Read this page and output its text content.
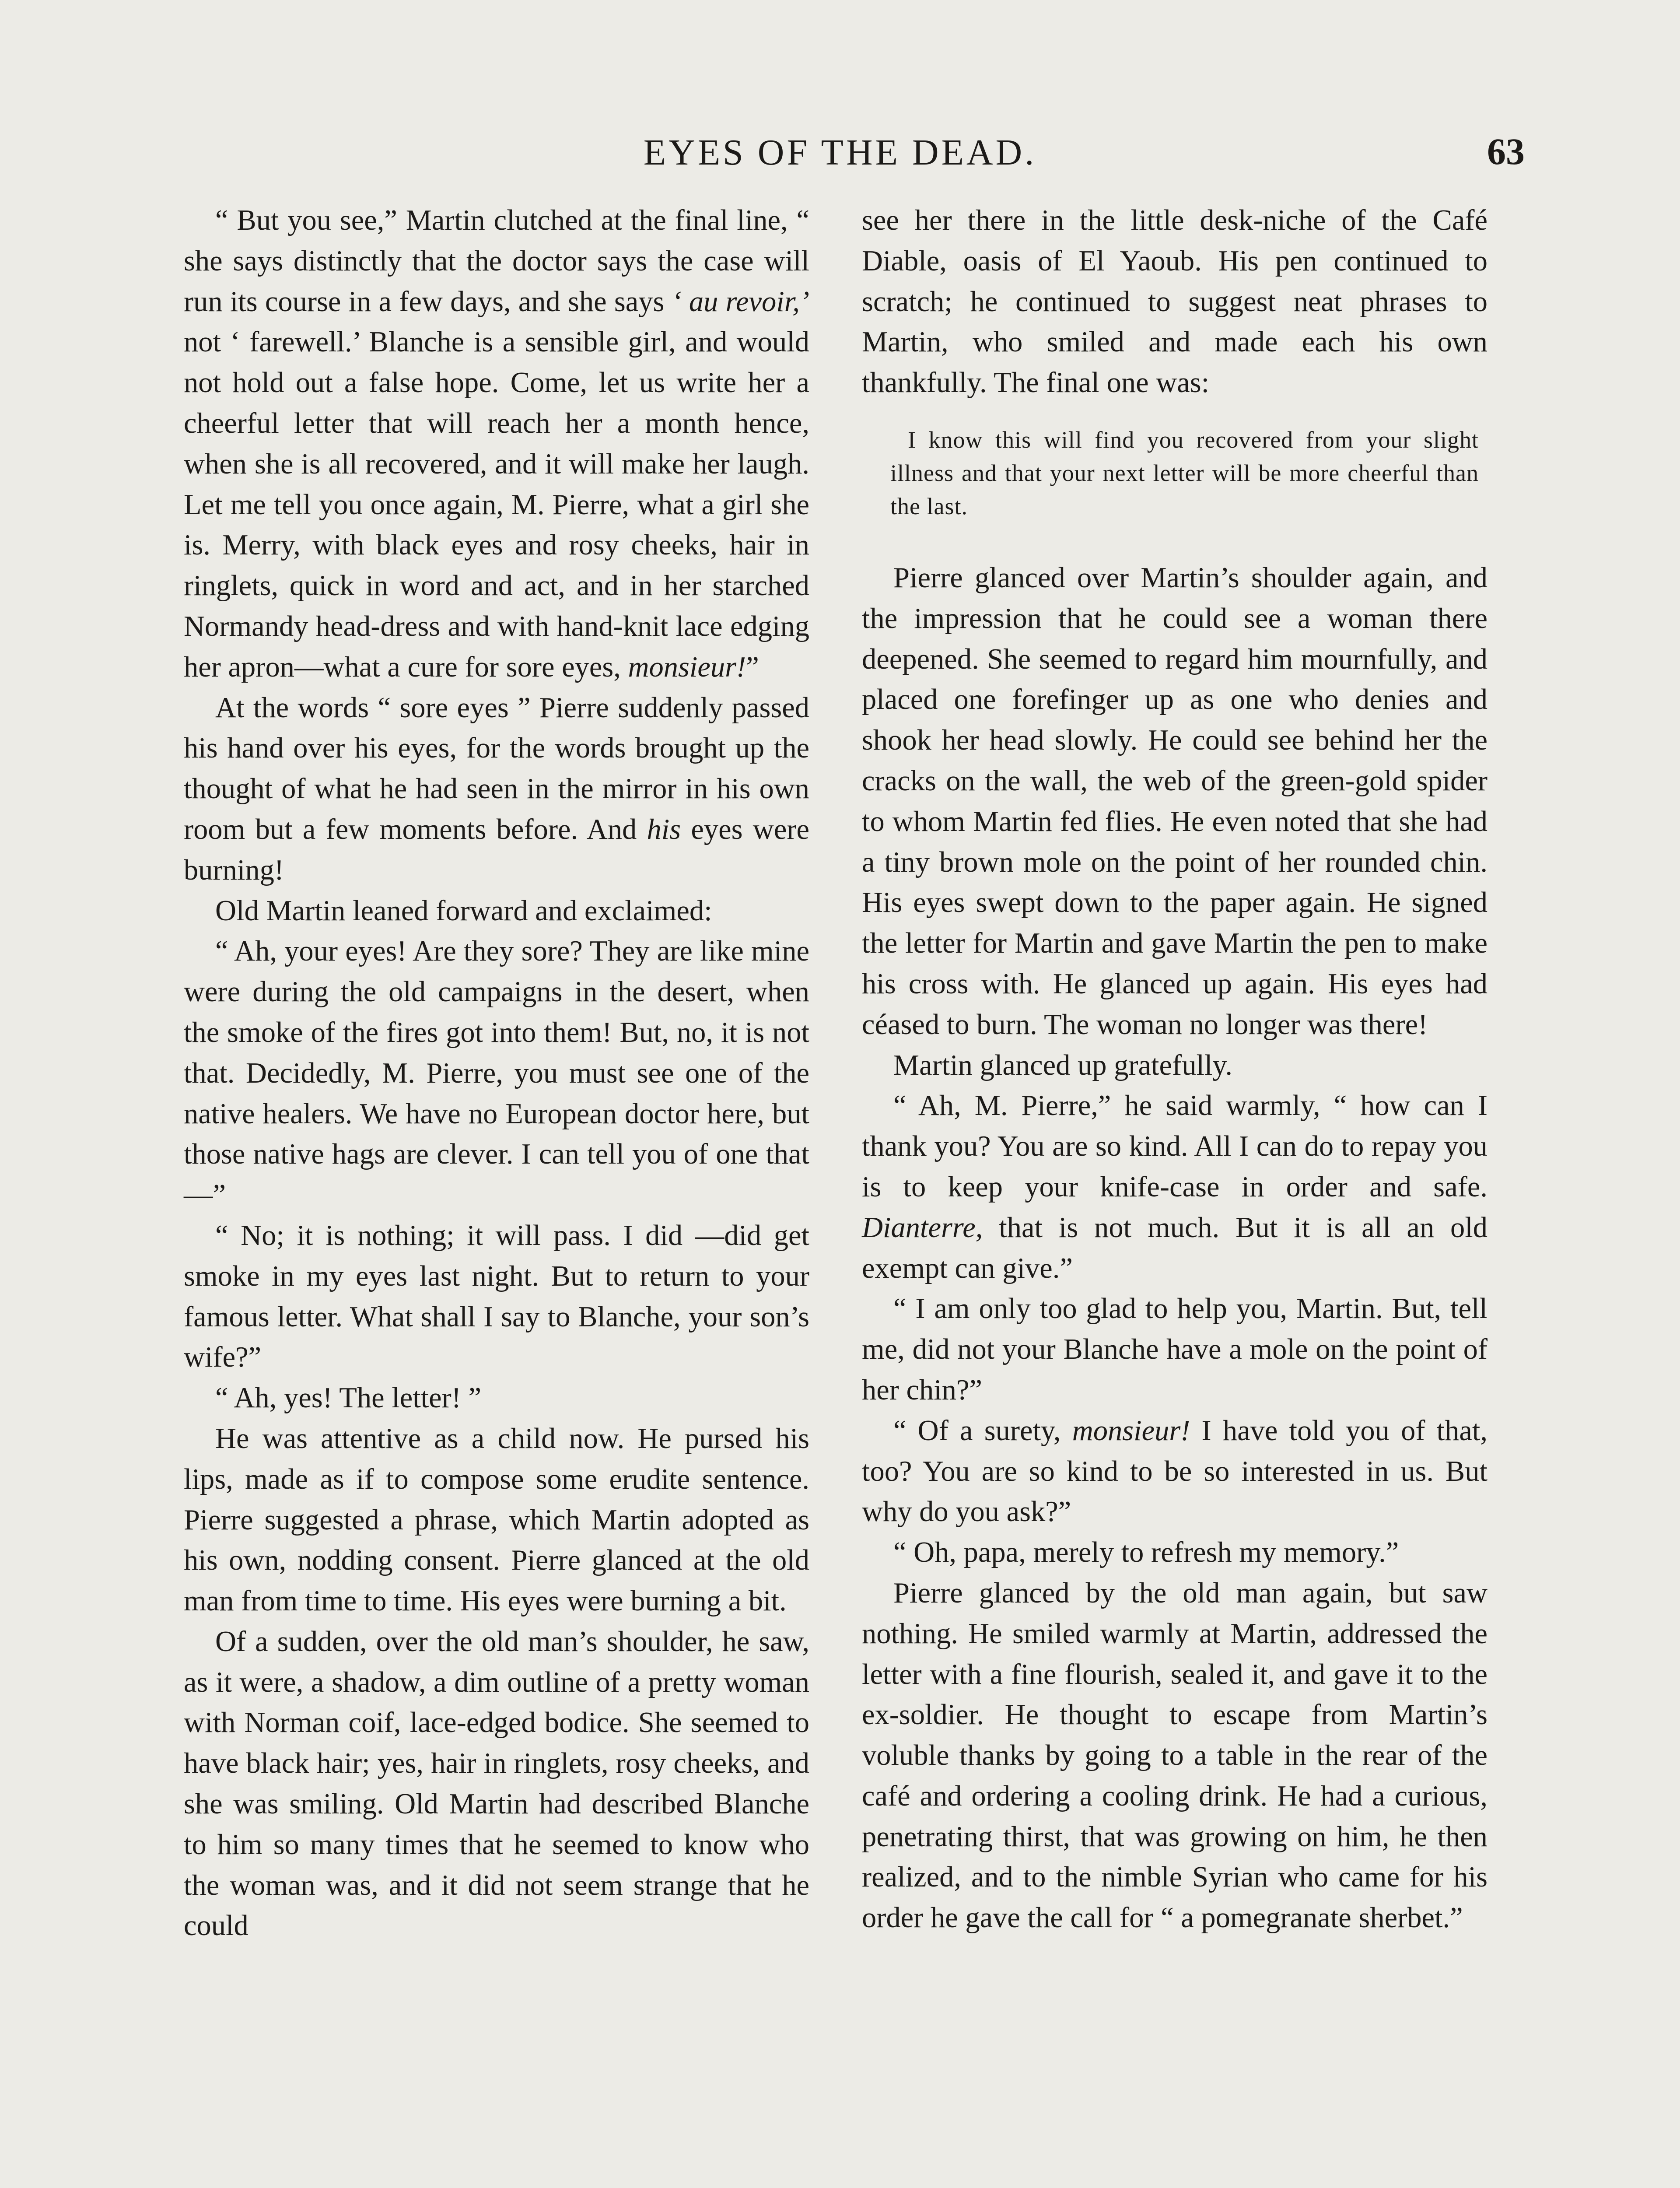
EYES OF THE DEAD.	63

“ But you see,” Martin clutched at the final line, “ she says distinctly that the doctor says the case will run its course in a few days, and she says ‘ au revoir,’ not ‘ farewell.’ Blanche is a sensible girl, and would not hold out a false hope. Come, let us write her a cheerful letter that will reach her a month hence, when she is all recovered, and it will make her laugh. Let me tell you once again, M. Pierre, what a girl she is. Merry, with black eyes and rosy cheeks, hair in ringlets, quick in word and act, and in her starched Normandy head-dress and with hand-knit lace edging her apron—what a cure for sore eyes, monsieur!”

At the words “ sore eyes ” Pierre suddenly passed his hand over his eyes, for the words brought up the thought of what he had seen in the mirror in his own room but a few moments before. And his eyes were burning!

Old Martin leaned forward and exclaimed:

“ Ah, your eyes! Are they sore? They are like mine were during the old campaigns in the desert, when the smoke of the fires got into them! But, no, it is not that. Decidedly, M. Pierre, you must see one of the native healers. We have no European doctor here, but those native hags are clever. I can tell you of one that—”

“ No; it is nothing; it will pass. I did —did get smoke in my eyes last night. But to return to your famous letter. What shall I say to Blanche, your son’s wife?”

“ Ah, yes! The letter! ”

He was attentive as a child now. He pursed his lips, made as if to compose some erudite sentence. Pierre suggested a phrase, which Martin adopted as his own, nodding consent. Pierre glanced at the old man from time to time. His eyes were burning a bit.

Of a sudden, over the old man’s shoulder, he saw, as it were, a shadow, a dim outline of a pretty woman with Norman coif, lace-edged bodice. She seemed to have black hair; yes, hair in ringlets, rosy cheeks, and she was smiling. Old Martin had described Blanche to him so many times that he seemed to know who the woman was, and it did not seem strange that he could

see her there in the little desk-niche of the Café Diable, oasis of El Yaoub. His pen continued to scratch; he continued to suggest neat phrases to Martin, who smiled and made each his own thankfully. The final one was:

I know this will find you recovered from your slight illness and that your next letter will be more cheerful than the last.

Pierre glanced over Martin’s shoulder again, and the impression that he could see a woman there deepened. She seemed to regard him mournfully, and placed one forefinger up as one who denies and shook her head slowly. He could see behind her the cracks on the wall, the web of the green-gold spider to whom Martin fed flies. He even noted that she had a tiny brown mole on the point of her rounded chin. His eyes swept down to the paper again. He signed the letter for Martin and gave Martin the pen to make his cross with. He glanced up again. His eyes had céased to burn. The woman no longer was there!

Martin glanced up gratefully.

“ Ah, M. Pierre,” he said warmly, “ how can I thank you? You are so kind. All I can do to repay you is to keep your knife-case in order and safe. Dianterre, that is not much. But it is all an old exempt can give.”

“ I am only too glad to help you, Martin. But, tell me, did not your Blanche have a mole on the point of her chin?”

“ Of a surety, monsieur! I have told you of that, too? You are so kind to be so interested in us. But why do you ask?”

“ Oh, papa, merely to refresh my memory.”

Pierre glanced by the old man again, but saw nothing. He smiled warmly at Martin, addressed the letter with a fine flourish, sealed it, and gave it to the ex-soldier. He thought to escape from Martin’s voluble thanks by going to a table in the rear of the café and ordering a cooling drink. He had a curious, penetrating thirst, that was growing on him, he then realized, and to the nimble Syrian who came for his order he gave the call for “ a pomegranate sherbet.”
